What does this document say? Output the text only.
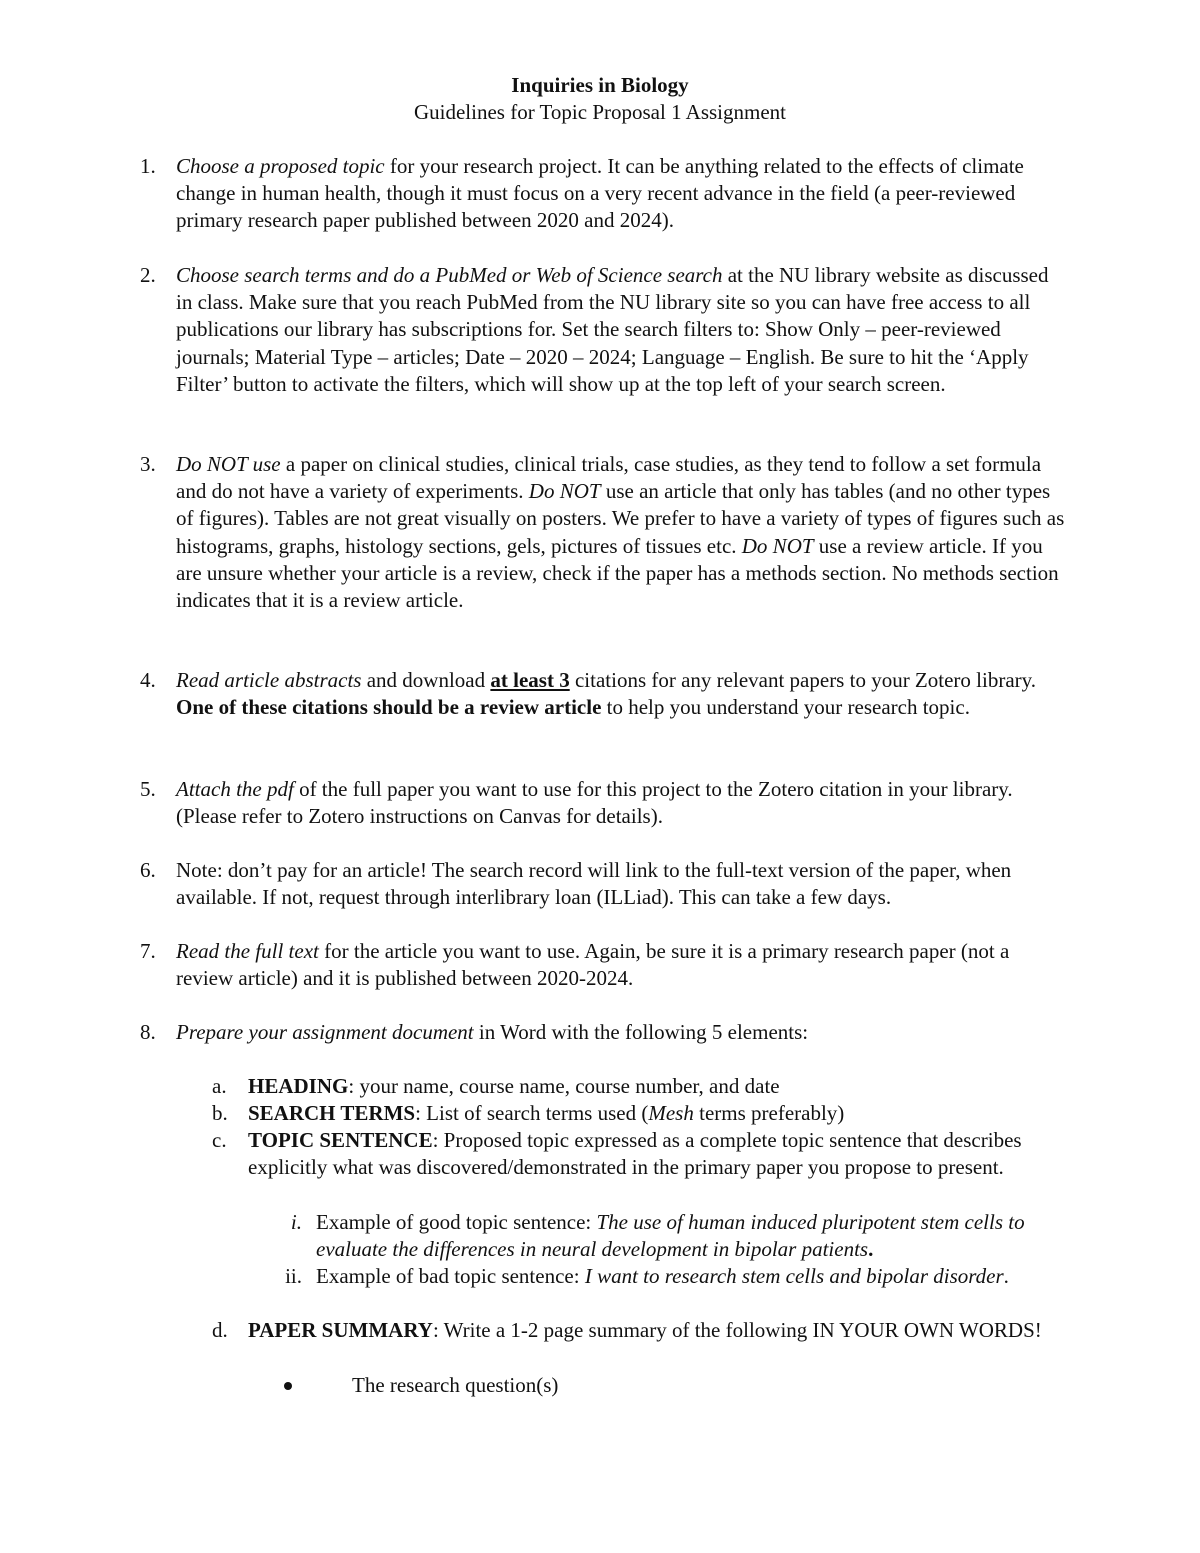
Inquiries in Biology
Guidelines for Topic Proposal 1 Assignment
1. Choose a proposed topic for your research project. It can be anything related to the effects of climate change in human health, though it must focus on a very recent advance in the field (a peer-reviewed primary research paper published between 2020 and 2024).
2. Choose search terms and do a PubMed or Web of Science search at the NU library website as discussed in class. Make sure that you reach PubMed from the NU library site so you can have free access to all publications our library has subscriptions for. Set the search filters to: Show Only – peer-reviewed journals; Material Type – articles; Date – 2020 – 2024; Language – English. Be sure to hit the ‘Apply Filter’ button to activate the filters, which will show up at the top left of your search screen.
3. Do NOT use a paper on clinical studies, clinical trials, case studies, as they tend to follow a set formula and do not have a variety of experiments. Do NOT use an article that only has tables (and no other types of figures). Tables are not great visually on posters. We prefer to have a variety of types of figures such as histograms, graphs, histology sections, gels, pictures of tissues etc. Do NOT use a review article. If you are unsure whether your article is a review, check if the paper has a methods section. No methods section indicates that it is a review article.
4. Read article abstracts and download at least 3 citations for any relevant papers to your Zotero library. One of these citations should be a review article to help you understand your research topic.
5. Attach the pdf of the full paper you want to use for this project to the Zotero citation in your library. (Please refer to Zotero instructions on Canvas for details).
6. Note: don’t pay for an article! The search record will link to the full-text version of the paper, when available. If not, request through interlibrary loan (ILLiad). This can take a few days.
7. Read the full text for the article you want to use. Again, be sure it is a primary research paper (not a review article) and it is published between 2020-2024.
8. Prepare your assignment document in Word with the following 5 elements:
a.	HEADING: your name, course name, course number, and date
b. SEARCH TERMS: List of search terms used (Mesh terms preferably)
c.	TOPIC SENTENCE: Proposed topic expressed as a complete topic sentence that describes explicitly what was discovered/demonstrated in the primary paper you propose to present.
i. Example of good topic sentence: The use of human induced pluripotent stem cells to evaluate the differences in neural development in bipolar patients.
ii. Example of bad topic sentence: I want to research stem cells and bipolar disorder.
d. PAPER SUMMARY: Write a 1-2 page summary of the following IN YOUR OWN WORDS!
The research question(s)
